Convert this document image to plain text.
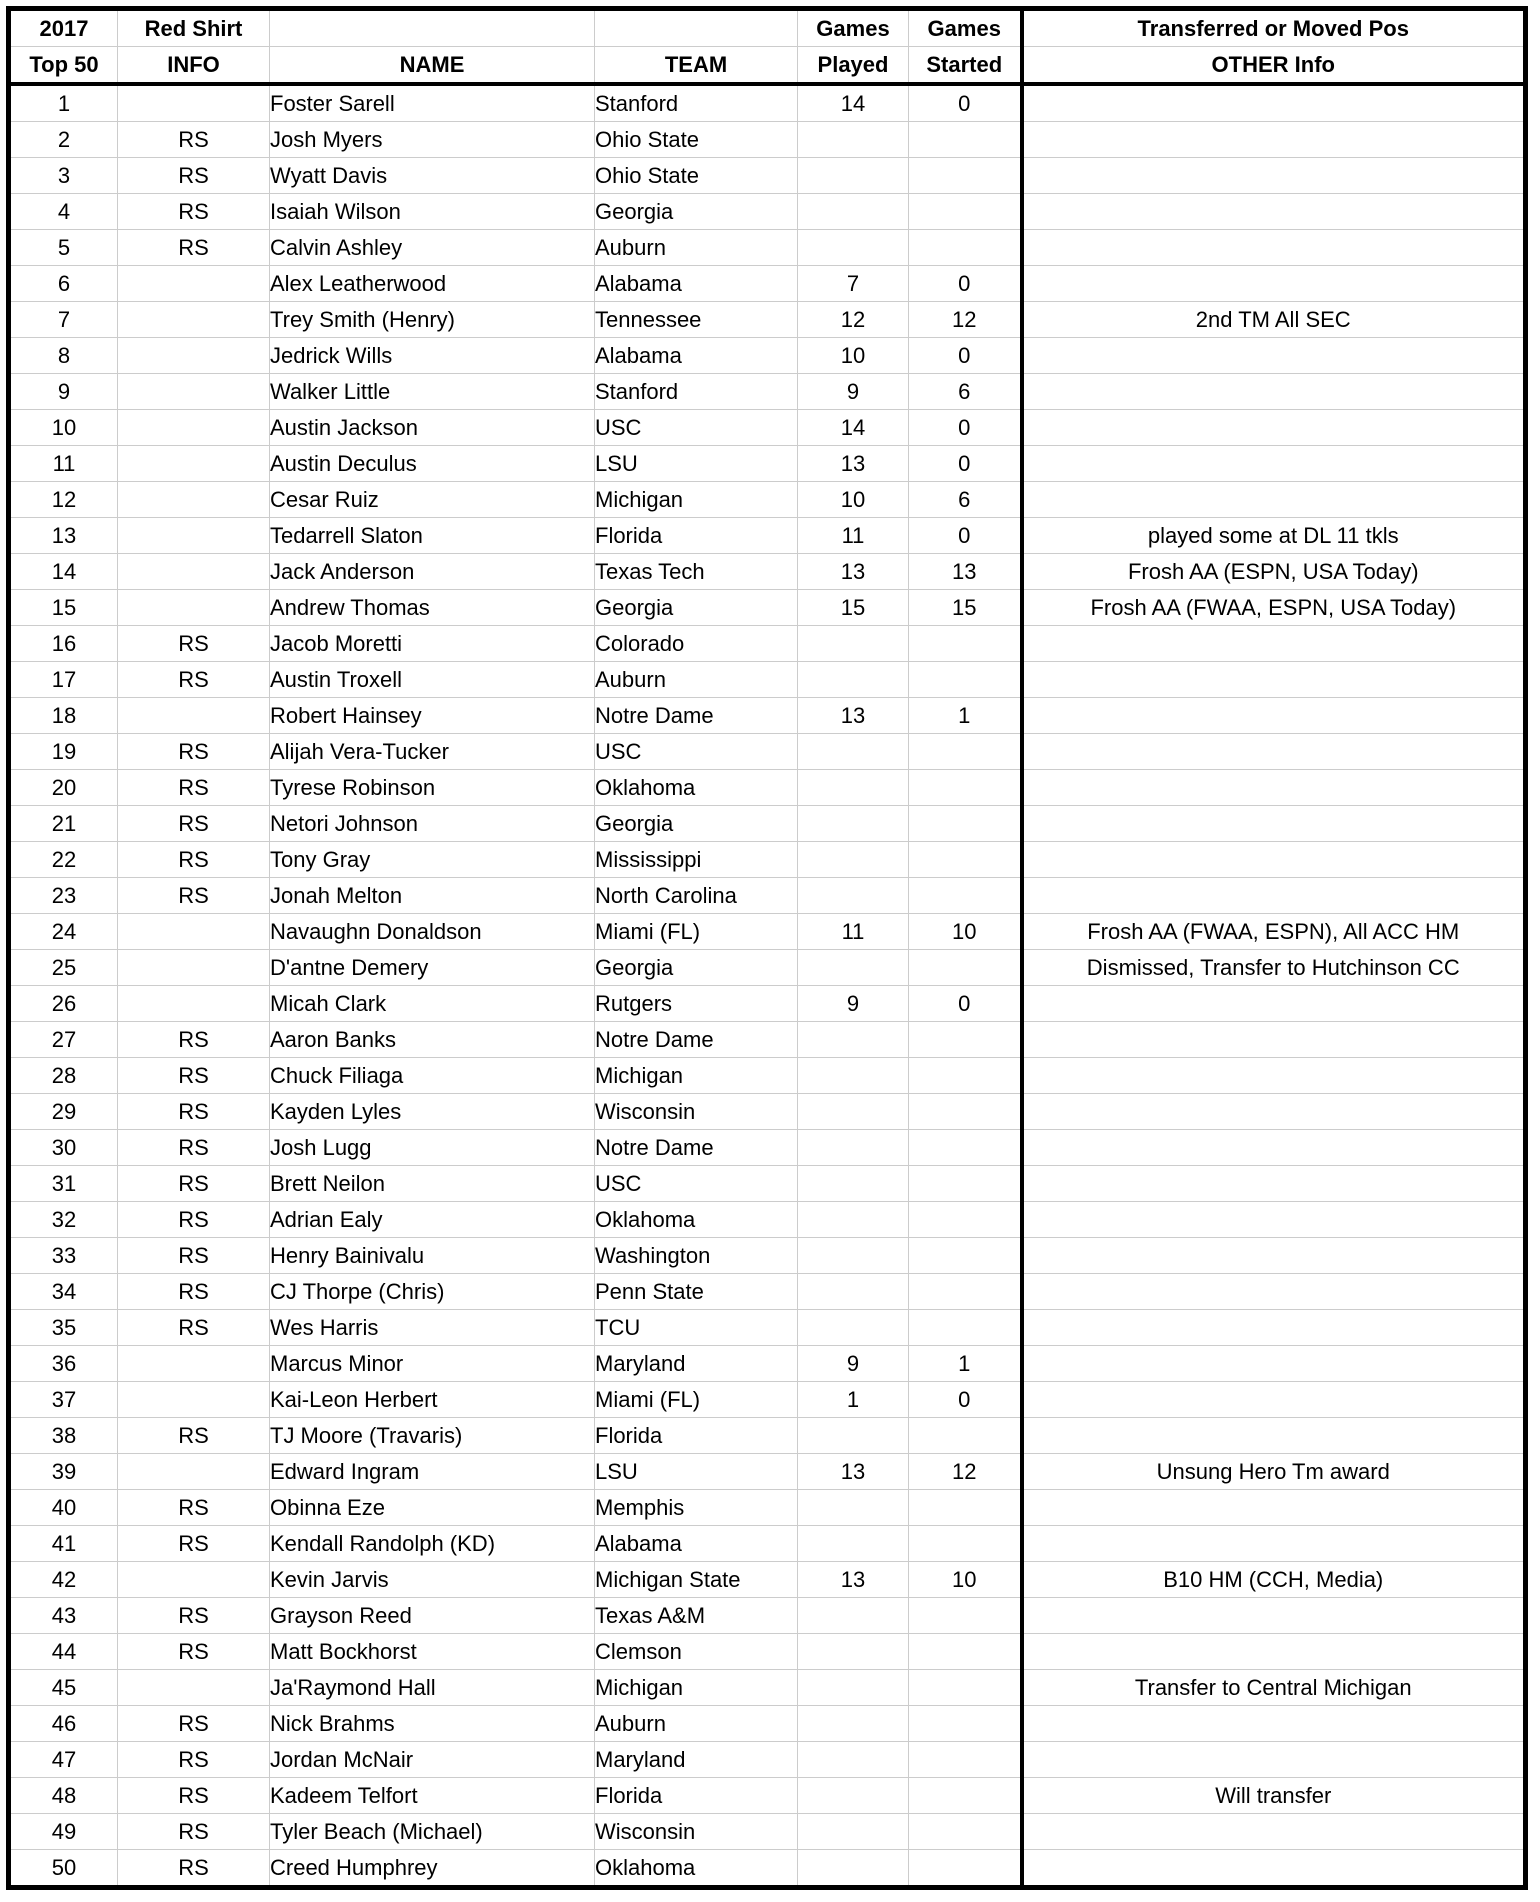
2017	Red Shirt			Games	Games	Transferred or Moved Pos
Top 50	INFO	NAME	TEAM	Played	Started	OTHER Info
1		Foster Sarell	Stanford	14	0	
2	RS	Josh Myers	Ohio State			
3	RS	Wyatt Davis	Ohio State			
4	RS	Isaiah Wilson	Georgia			
5	RS	Calvin Ashley	Auburn			
6		Alex Leatherwood	Alabama	7	0	
7		Trey Smith (Henry)	Tennessee	12	12	2nd TM All SEC
8		Jedrick Wills	Alabama	10	0	
9		Walker Little	Stanford	9	6	
10		Austin Jackson	USC	14	0	
11		Austin Deculus	LSU	13	0	
12		Cesar Ruiz	Michigan	10	6	
13		Tedarrell Slaton	Florida	11	0	played some at DL 11 tkls
14		Jack Anderson	Texas Tech	13	13	Frosh AA (ESPN, USA Today)
15		Andrew Thomas	Georgia	15	15	Frosh AA (FWAA, ESPN, USA Today)
16	RS	Jacob Moretti	Colorado			
17	RS	Austin Troxell	Auburn			
18		Robert Hainsey	Notre Dame	13	1	
19	RS	Alijah Vera-Tucker	USC			
20	RS	Tyrese Robinson	Oklahoma			
21	RS	Netori Johnson	Georgia			
22	RS	Tony Gray	Mississippi			
23	RS	Jonah Melton	North Carolina			
24		Navaughn Donaldson	Miami (FL)	11	10	Frosh AA (FWAA, ESPN), All ACC HM
25		D'antne Demery	Georgia			Dismissed, Transfer to Hutchinson CC
26		Micah Clark	Rutgers	9	0	
27	RS	Aaron Banks	Notre Dame			
28	RS	Chuck Filiaga	Michigan			
29	RS	Kayden Lyles	Wisconsin			
30	RS	Josh Lugg	Notre Dame			
31	RS	Brett Neilon	USC			
32	RS	Adrian Ealy	Oklahoma			
33	RS	Henry Bainivalu	Washington			
34	RS	CJ Thorpe (Chris)	Penn State			
35	RS	Wes Harris	TCU			
36		Marcus Minor	Maryland	9	1	
37		Kai-Leon Herbert	Miami (FL)	1	0	
38	RS	TJ Moore (Travaris)	Florida			
39		Edward Ingram	LSU	13	12	Unsung Hero Tm award
40	RS	Obinna Eze	Memphis			
41	RS	Kendall Randolph (KD)	Alabama			
42		Kevin Jarvis	Michigan State	13	10	B10 HM (CCH, Media)
43	RS	Grayson Reed	Texas A&M			
44	RS	Matt Bockhorst	Clemson			
45		Ja'Raymond Hall	Michigan			Transfer to Central Michigan
46	RS	Nick Brahms	Auburn			
47	RS	Jordan McNair	Maryland			
48	RS	Kadeem Telfort	Florida			Will transfer
49	RS	Tyler Beach (Michael)	Wisconsin			
50	RS	Creed Humphrey	Oklahoma			
